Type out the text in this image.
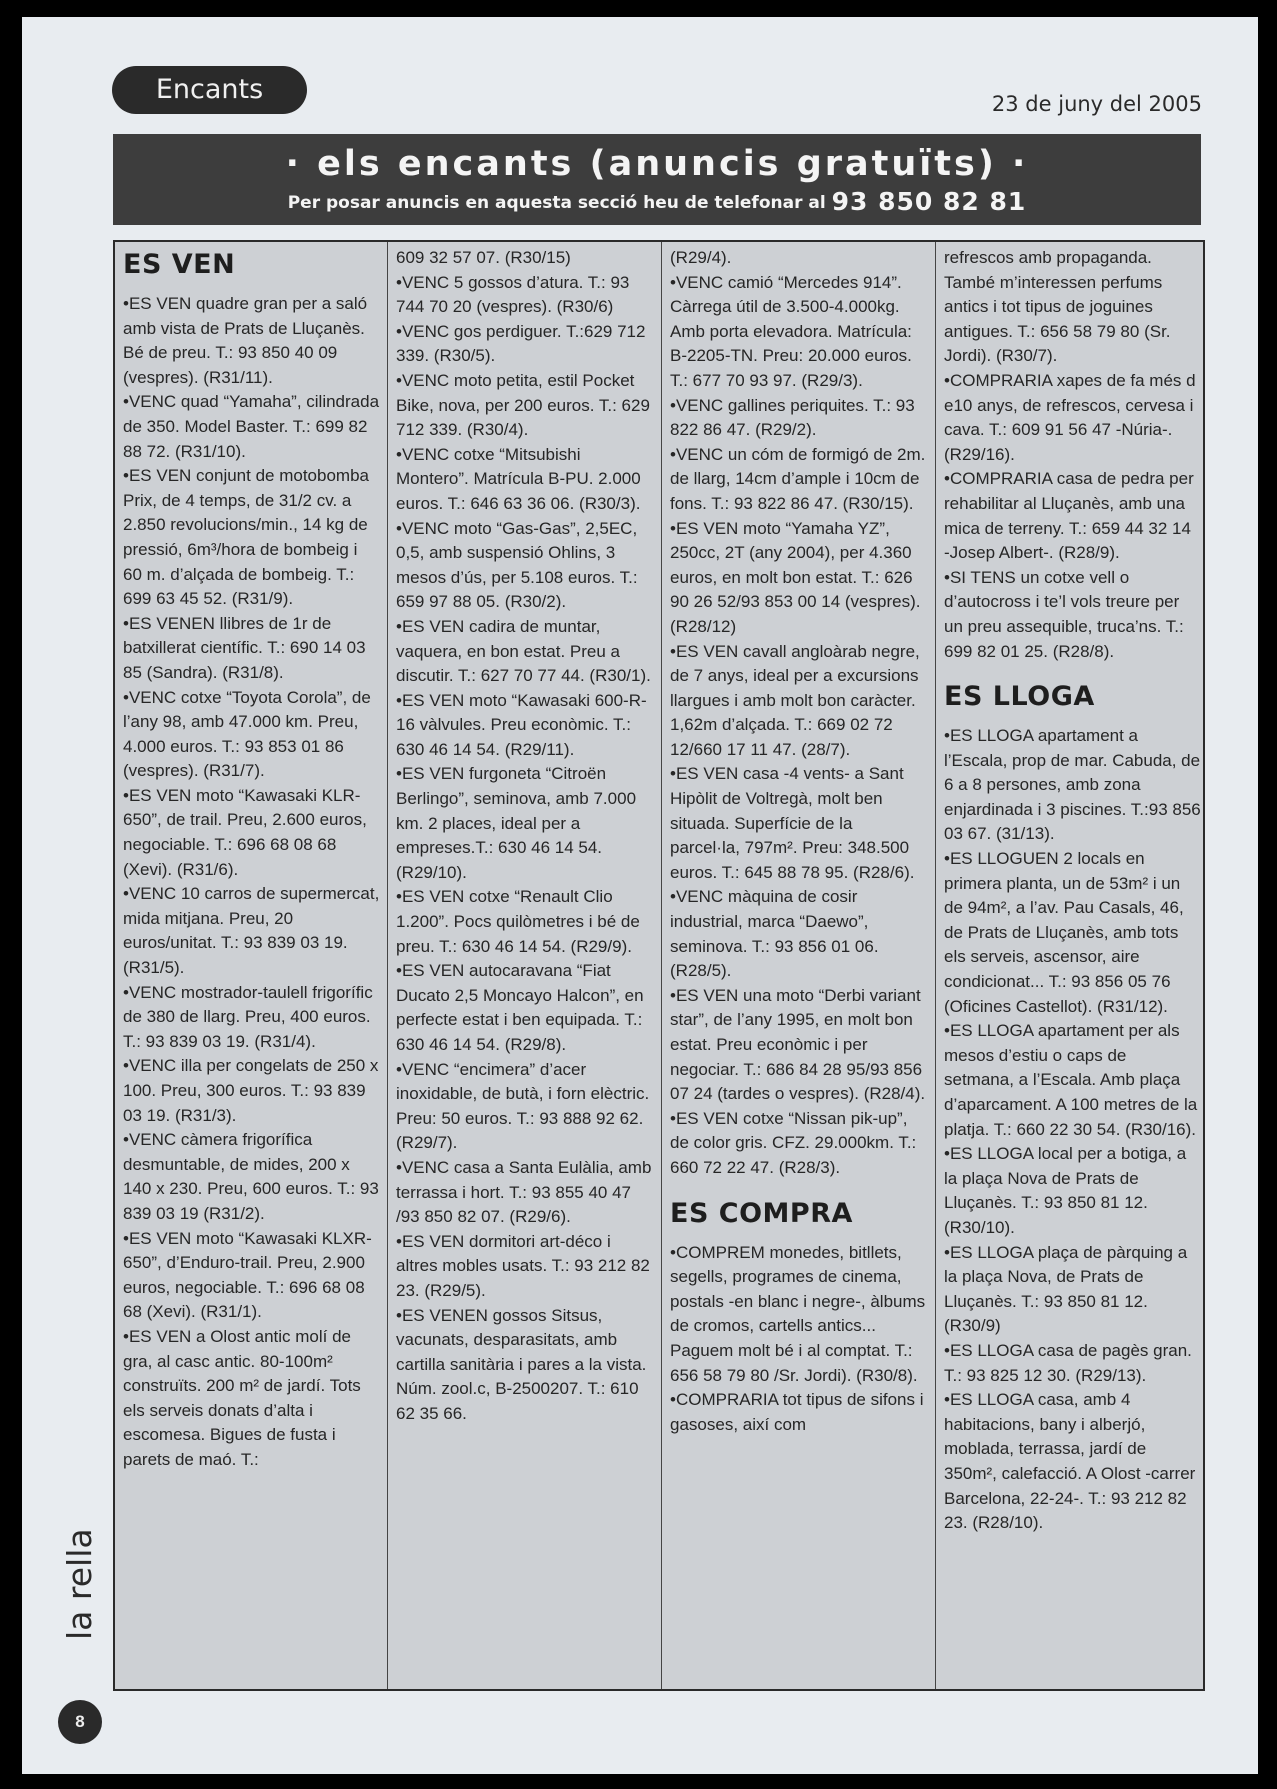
Encants	23 de juny del 2005
· els encants (anuncis gratuïts) ·
Per posar anuncis en aquesta secció heu de telefonar al 93 850 82 81
ES VEN

•ES VEN quadre gran per a saló amb vista de Prats de Lluçanès. Bé de preu. T.: 93 850 40 09 (vespres). (R31/11).

•VENC quad “Yamaha”, cilindrada de 350. Model Baster. T.: 699 82 88 72. (R31/10).

•ES VEN conjunt de motobomba Prix, de 4 temps, de 31/2 cv. a 2.850 revolucions/min., 14 kg de pressió, 6m³/hora de bombeig i 60 m. d’alçada de bombeig. T.: 699 63 45 52. (R31/9).

•ES VENEN llibres de 1r de batxillerat científic. T.: 690 14 03 85 (Sandra). (R31/8).

•VENC cotxe “Toyota Corola”, de l’any 98, amb 47.000 km. Preu, 4.000 euros. T.: 93 853 01 86 (vespres). (R31/7).

•ES VEN moto “Kawasaki KLR-650”, de trail. Preu, 2.600 euros, negociable. T.: 696 68 08 68 (Xevi). (R31/6).

•VENC 10 carros de supermercat, mida mitjana. Preu, 20 euros/unitat. T.: 93 839 03 19. (R31/5).

•VENC mostrador-taulell frigorífic de 380 de llarg. Preu, 400 euros. T.: 93 839 03 19. (R31/4).

•VENC illa per congelats de 250 x 100. Preu, 300 euros. T.: 93 839 03 19. (R31/3).

•VENC càmera frigorífica desmuntable, de mides, 200 x 140 x 230. Preu, 600 euros. T.: 93 839 03 19 (R31/2).

•ES VEN moto “Kawasaki KLXR-650”, d’Enduro-trail. Preu, 2.900 euros, negociable. T.: 696 68 08 68 (Xevi). (R31/1).

•ES VEN a Olost antic molí de gra, al casc antic. 80-100m² construïts. 200 m² de jardí. Tots els serveis donats d’alta i escomesa. Bigues de fusta i parets de maó. T.:

609 32 57 07. (R30/15)

•VENC 5 gossos d’atura. T.: 93 744 70 20 (vespres). (R30/6)

•VENC gos perdiguer. T.:629 712 339. (R30/5).

•VENC moto petita, estil Pocket Bike, nova, per 200 euros. T.: 629 712 339. (R30/4).

•VENC cotxe “Mitsubishi Montero”. Matrícula B-PU. 2.000 euros. T.: 646 63 36 06. (R30/3).

•VENC moto “Gas-Gas”, 2,5EC, 0,5, amb suspensió Ohlins, 3 mesos d’ús, per 5.108 euros. T.: 659 97 88 05. (R30/2).

•ES VEN cadira de muntar, vaquera, en bon estat. Preu a discutir. T.: 627 70 77 44. (R30/1).

•ES VEN moto “Kawasaki 600-R-16 vàlvules. Preu econòmic. T.: 630 46 14 54. (R29/11).

•ES VEN furgoneta “Citroën Berlingo”, seminova, amb 7.000 km. 2 places, ideal per a empreses.T.: 630 46 14 54. (R29/10).

•ES VEN cotxe “Renault Clio 1.200”. Pocs quilòmetres i bé de preu. T.: 630 46 14 54. (R29/9).

•ES VEN autocaravana “Fiat Ducato 2,5 Moncayo Halcon”, en perfecte estat i ben equipada. T.: 630 46 14 54. (R29/8).

•VENC “encimera” d’acer inoxidable, de butà, i forn elèctric. Preu: 50 euros. T.: 93 888 92 62.(R29/7).

•VENC casa a Santa Eulàlia, amb terrassa i hort. T.: 93 855 40 47 /93 850 82 07. (R29/6).

•ES VEN dormitori art-déco i altres mobles usats. T.: 93 212 82 23. (R29/5).

•ES VENEN gossos Sitsus, vacunats, desparasitats, amb cartilla sanitària i pares a la vista. Núm. zool.c, B-2500207. T.: 610 62 35 66.

(R29/4).

•VENC camió “Mercedes 914”. Càrrega útil de 3.500-4.000kg. Amb porta elevadora. Matrícula: B-2205-TN. Preu: 20.000 euros. T.: 677 70 93 97. (R29/3).

•VENC gallines periquites. T.: 93 822 86 47. (R29/2).

•VENC un cóm de formigó de 2m. de llarg, 14cm d’ample i 10cm de fons. T.: 93 822 86 47. (R30/15).

•ES VEN moto “Yamaha YZ”, 250cc, 2T (any 2004), per 4.360 euros, en molt bon estat. T.: 626 90 26 52/93 853 00 14 (vespres). (R28/12)

•ES VEN cavall angloàrab negre, de 7 anys, ideal per a excursions llargues i amb molt bon caràcter. 1,62m d’alçada. T.: 669 02 72 12/660 17 11 47. (28/7).

•ES VEN casa -4 vents- a Sant Hipòlit de Voltregà, molt ben situada. Superfície de la parcel·la, 797m². Preu: 348.500 euros. T.: 645 88 78 95. (R28/6).

•VENC màquina de cosir industrial, marca “Daewo”, seminova. T.: 93 856 01 06. (R28/5).

•ES VEN una moto “Derbi variant star”, de l’any 1995, en molt bon estat. Preu econòmic i per negociar. T.: 686 84 28 95/93 856 07 24 (tardes o vespres). (R28/4).

•ES VEN cotxe “Nissan pik-up”, de color gris. CFZ. 29.000km. T.: 660 72 22 47. (R28/3).

ES COMPRA

•COMPREM monedes, bitllets, segells, programes de cinema, postals -en blanc i negre-, àlbums de cromos, cartells antics... Paguem molt bé i al comptat. T.: 656 58 79 80 /Sr. Jordi). (R30/8).

•COMPRARIA tot tipus de sifons i gasoses, així com

refrescos amb propaganda. També m’interessen perfums antics i tot tipus de joguines antigues. T.: 656 58 79 80 (Sr. Jordi). (R30/7).

•COMPRARIA xapes de fa més d e10 anys, de refrescos, cervesa i cava. T.: 609 91 56 47 -Núria-. (R29/16).

•COMPRARIA casa de pedra per rehabilitar al Lluçanès, amb una mica de terreny. T.: 659 44 32 14 -Josep Albert-. (R28/9).

•SI TENS un cotxe vell o d’autocross i te’l vols treure per un preu assequible, truca’ns. T.: 699 82 01 25. (R28/8).

ES LLOGA

•ES LLOGA apartament a l’Escala, prop de mar. Cabuda, de 6 a 8 persones, amb zona enjardinada i 3 piscines. T.:93 856 03 67. (31/13).

•ES LLOGUEN 2 locals en primera planta, un de 53m² i un de 94m², a l’av. Pau Casals, 46, de Prats de Lluçanès, amb tots els serveis, ascensor, aire condicionat... T.: 93 856 05 76 (Oficines Castellot). (R31/12).

•ES LLOGA apartament per als mesos d’estiu o caps de setmana, a l’Escala. Amb plaça d’aparcament. A 100 metres de la platja. T.: 660 22 30 54. (R30/16).

•ES LLOGA local per a botiga, a la plaça Nova de Prats de Lluçanès. T.: 93 850 81 12. (R30/10).

•ES LLOGA plaça de pàrquing a la plaça Nova, de Prats de Lluçanès. T.: 93 850 81 12. (R30/9)

•ES LLOGA casa de pagès gran. T.: 93 825 12 30. (R29/13).

•ES LLOGA casa, amb 4 habitacions, bany i alberjó, mobladа, terrassa, jardí de 350m², calefacció. A Olost -carrer Barcelona, 22-24-. T.: 93 212 82 23. (R28/10).

la rella
8
